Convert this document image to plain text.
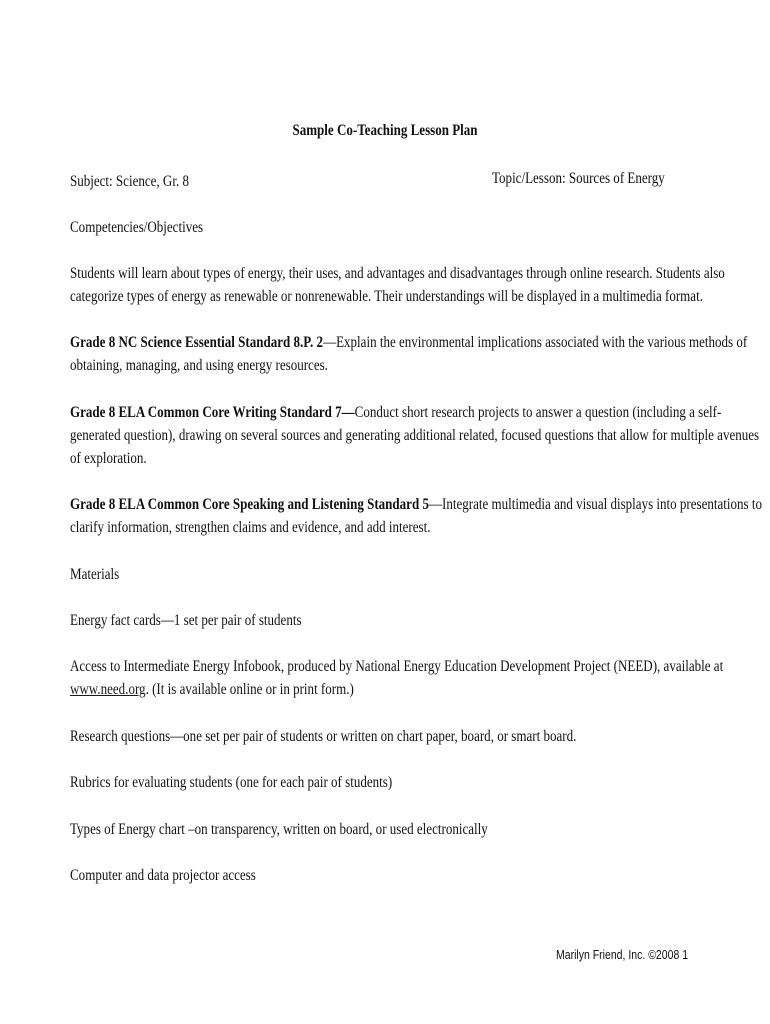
Sample Co-Teaching Lesson Plan
Subject: Science, Gr. 8	Topic/Lesson: Sources of Energy
Competencies/Objectives
Students will learn about types of energy, their uses, and advantages and disadvantages through online research. Students also
categorize types of energy as renewable or nonrenewable. Their understandings will be displayed in a multimedia format.
Grade 8 NC Science Essential Standard 8.P. 2—Explain the environmental implications associated with the various methods of
obtaining, managing, and using energy resources.
Grade 8 ELA Common Core Writing Standard 7—Conduct short research projects to answer a question (including a self-
generated question), drawing on several sources and generating additional related, focused questions that allow for multiple avenues
of exploration.
Grade 8 ELA Common Core Speaking and Listening Standard 5—Integrate multimedia and visual displays into presentations to
clarify information, strengthen claims and evidence, and add interest.
Materials
Energy fact cards—1 set per pair of students
Access to Intermediate Energy Infobook, produced by National Energy Education Development Project (NEED), available at
www.need.org. (It is available online or in print form.)
Research questions—one set per pair of students or written on chart paper, board, or smart board.
Rubrics for evaluating students (one for each pair of students)
Types of Energy chart –on transparency, written on board, or used electronically
Computer and data projector access
Marilyn Friend, Inc. ©2008 1
